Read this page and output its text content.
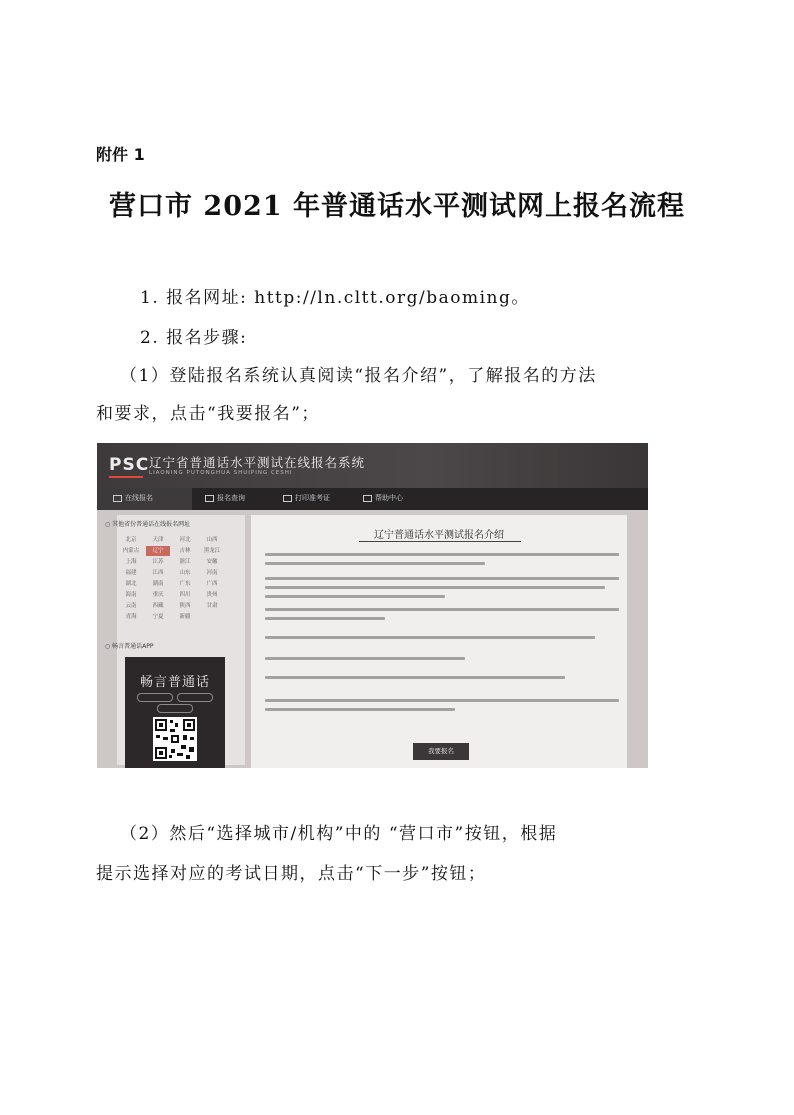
附件 1
营口市 2021 年普通话水平测试网上报名流程
1. 报名网址: http://ln.cltt.org/baoming。
2. 报名步骤:
（1）登陆报名系统认真阅读“报名介绍”，了解报名的方法
和要求，点击“我要报名”；
PSC 辽宁省普通话水平测试在线报名系统
LIAONING PUTONGHUA SHUIPING CESHI
在线报名	报名查询	打印准考证	帮助中心
○ 其他省份普通话在线报名网址
北京	天津	河北	山西
内蒙古	辽宁	吉林	黑龙江
上海	江苏	浙江	安徽
福建	江西	山东	河南
湖北	湖南	广东	广西
海南	重庆	四川	贵州
云南	西藏	陕西	甘肃
青海	宁夏	新疆
○ 畅言普通话APP
畅言普通话
辽宁普通话水平测试报名介绍
我要报名
（2）然后“选择城市/机构”中的 “营口市”按钮，根据
提示选择对应的考试日期，点击“下一步”按钮；
